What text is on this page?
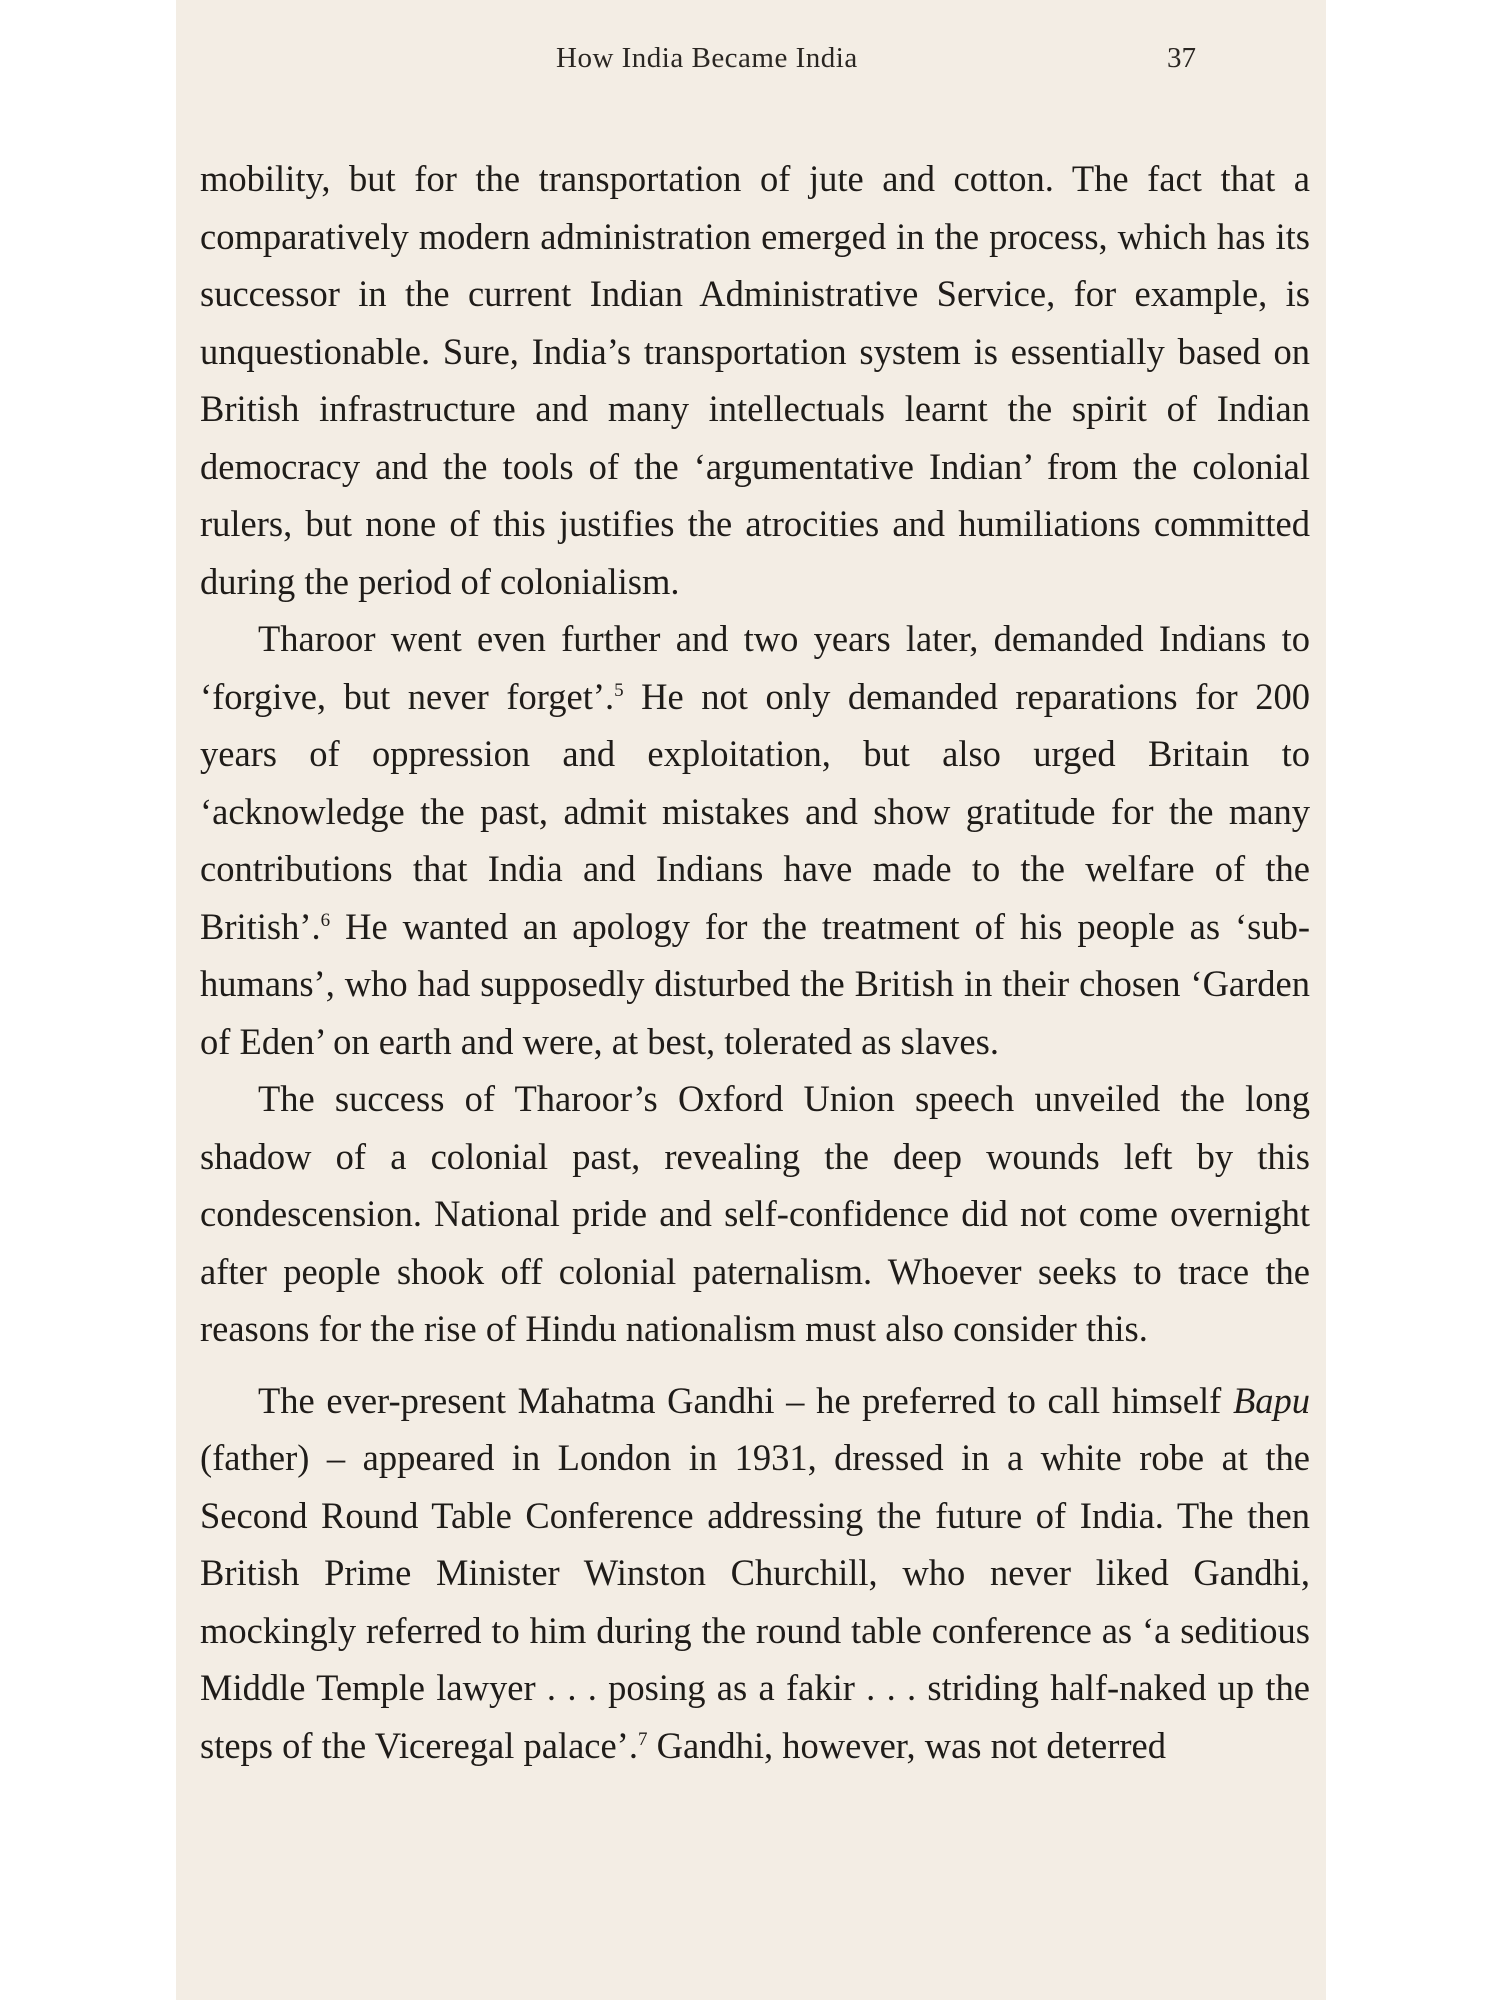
How India Became India	37

mobility, but for the transportation of jute and cotton. The fact that a comparatively modern administration emerged in the process, which has its successor in the current Indian Administrative Service, for example, is unquestionable. Sure, India’s transportation system is essentially based on British infrastructure and many intellectuals learnt the spirit of Indian democracy and the tools of the ‘argumentative Indian’ from the colonial rulers, but none of this justifies the atrocities and humiliations committed during the period of colonialism.

Tharoor went even further and two years later, demanded Indians to ‘forgive, but never forget’.$^5$ He not only demanded reparations for 200 years of oppression and exploitation, but also urged Britain to ‘acknowledge the past, admit mistakes and show gratitude for the many contributions that India and Indians have made to the welfare of the British’.$^6$ He wanted an apology for the treatment of his people as ‘sub-humans’, who had supposedly disturbed the British in their chosen ‘Garden of Eden’ on earth and were, at best, tolerated as slaves.

The success of Tharoor’s Oxford Union speech unveiled the long shadow of a colonial past, revealing the deep wounds left by this condescension. National pride and self-confidence did not come overnight after people shook off colonial paternalism. Whoever seeks to trace the reasons for the rise of Hindu nationalism must also consider this.

The ever-present Mahatma Gandhi – he preferred to call himself Bapu (father) – appeared in London in 1931, dressed in a white robe at the Second Round Table Conference addressing the future of India. The then British Prime Minister Winston Churchill, who never liked Gandhi, mockingly referred to him during the round table conference as ‘a seditious Middle Temple lawyer . . . posing as a fakir . . . striding half-naked up the steps of the Viceregal palace’.$^7$ Gandhi, however, was not deterred
